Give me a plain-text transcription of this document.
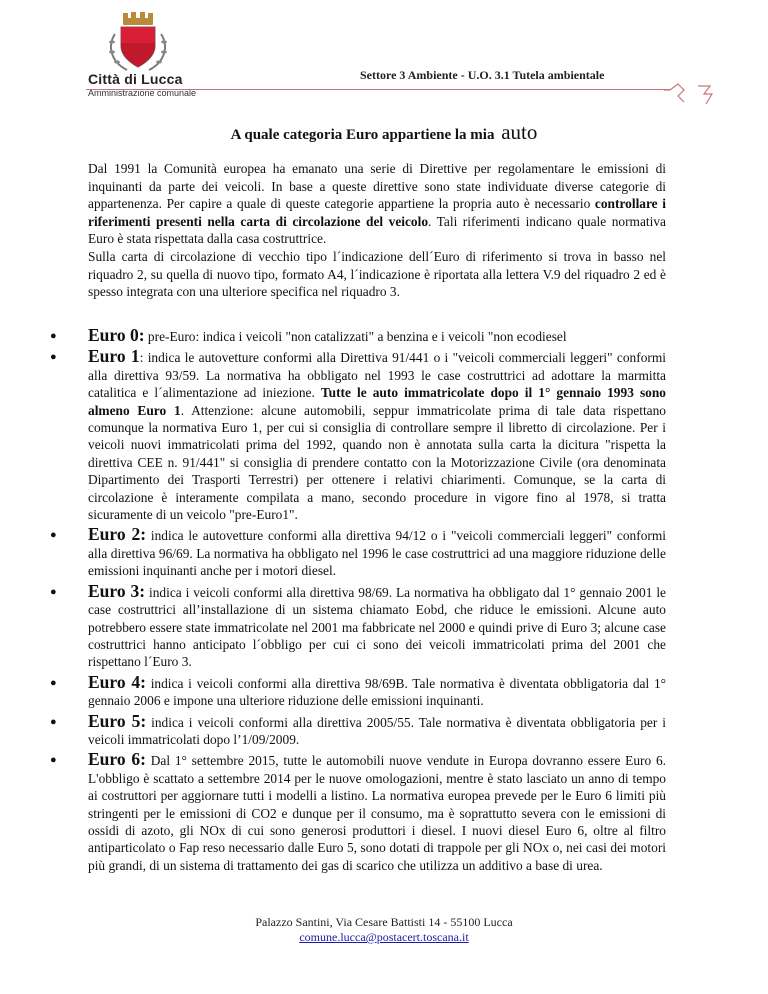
Città di Lucca
Amministrazione comunale
Settore 3 Ambiente - U.O. 3.1 Tutela ambientale
A quale categoria Euro appartiene la mia auto

Dal 1991 la Comunità europea ha emanato una serie di Direttive per regolamentare le emissioni di inquinanti da parte dei veicoli. In base a queste direttive sono state individuate diverse categorie di appartenenza. Per capire a quale di queste categorie appartiene la propria auto è necessario controllare i riferimenti presenti nella carta di circolazione del veicolo. Tali riferimenti indicano quale normativa Euro è stata rispettata dalla casa costruttrice.

Sulla carta di circolazione di vecchio tipo l´indicazione dell´Euro di riferimento si trova in basso nel riquadro 2, su quella di nuovo tipo, formato A4, l´indicazione è riportata alla lettera V.9 del riquadro 2 ed è spesso integrata con una ulteriore specifica nel riquadro 3.

● Euro 0: pre-Euro: indica i veicoli "non catalizzati" a benzina e i veicoli "non ecodiesel
● Euro 1: indica le autovetture conformi alla Direttiva 91/441 o i "veicoli commerciali leggeri" conformi alla direttiva 93/59. La normativa ha obbligato nel 1993 le case costruttrici ad adottare la marmitta catalitica e l´alimentazione ad iniezione. Tutte le auto immatricolate dopo il 1° gennaio 1993 sono almeno Euro 1. Attenzione: alcune automobili, seppur immatricolate prima di tale data rispettano comunque la normativa Euro 1, per cui si consiglia di controllare sempre il libretto di circolazione. Per i veicoli nuovi immatricolati prima del 1992, quando non è annotata sulla carta la dicitura "rispetta la direttiva CEE n. 91/441" si consiglia di prendere contatto con la Motorizzazione Civile (ora denominata Dipartimento dei Trasporti Terrestri) per ottenere i relativi chiarimenti. Comunque, se la carta di circolazione è interamente compilata a mano, secondo procedure in vigore fino al 1978, si tratta sicuramente di un veicolo "pre-Euro1".
● Euro 2: indica le autovetture conformi alla direttiva 94/12 o i "veicoli commerciali leggeri" conformi alla direttiva 96/69. La normativa ha obbligato nel 1996 le case costruttrici ad una maggiore riduzione delle emissioni inquinanti anche per i motori diesel.
● Euro 3: indica i veicoli conformi alla direttiva 98/69. La normativa ha obbligato dal 1° gennaio 2001 le case costruttrici all’installazione di un sistema chiamato Eobd, che riduce le emissioni. Alcune auto potrebbero essere state immatricolate nel 2001 ma fabbricate nel 2000 e quindi prive di Euro 3; alcune case costruttrici hanno anticipato l´obbligo per cui ci sono dei veicoli immatricolati prima del 2001 che rispettano l´Euro 3.
● Euro 4: indica i veicoli conformi alla direttiva 98/69B. Tale normativa è diventata obbligatoria dal 1° gennaio 2006 e impone una ulteriore riduzione delle emissioni inquinanti.
● Euro 5: indica i veicoli conformi alla direttiva 2005/55. Tale normativa è diventata obbligatoria per i veicoli immatricolati dopo l’1/09/2009.
● Euro 6: Dal 1° settembre 2015, tutte le automobili nuove vendute in Europa dovranno essere Euro 6. L'obbligo è scattato a settembre 2014 per le nuove omologazioni, mentre è stato lasciato un anno di tempo ai costruttori per aggiornare tutti i modelli a listino. La normativa europea prevede per le Euro 6 limiti più stringenti per le emissioni di CO2 e dunque per il consumo, ma è soprattutto severa con le emissioni di ossidi di azoto, gli NOx di cui sono generosi produttori i diesel. I nuovi diesel Euro 6, oltre al filtro antiparticolato o Fap reso necessario dalle Euro 5, sono dotati di trappole per gli NOx o, nei casi dei motori più grandi, di un sistema di trattamento dei gas di scarico che utilizza un additivo a base di urea.
Palazzo Santini, Via Cesare Battisti 14 - 55100 Lucca
comune.lucca@postacert.toscana.it
